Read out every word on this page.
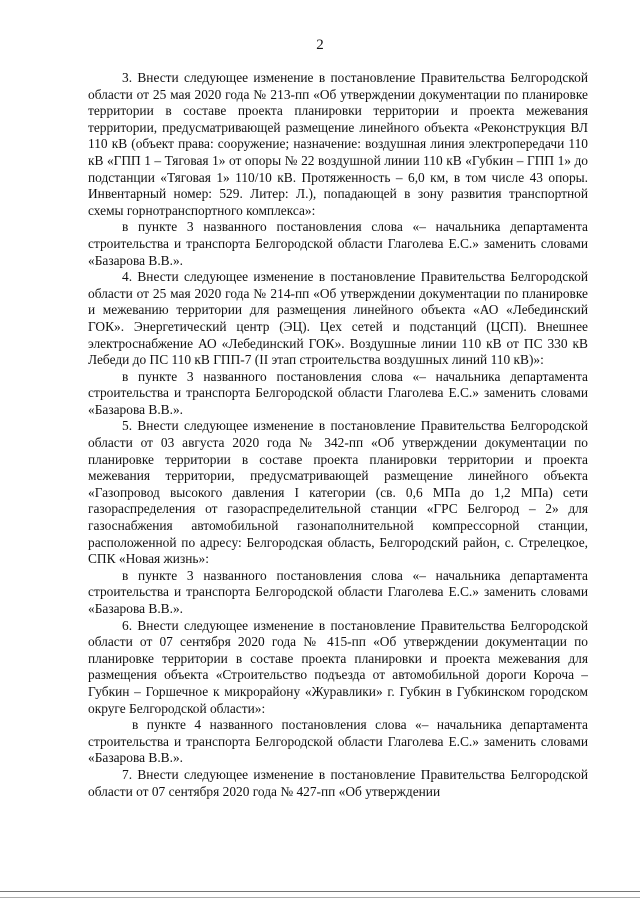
2

3. Внести следующее изменение в постановление Правительства Белгородской области от 25 мая 2020 года № 213-пп «Об утверждении документации по планировке территории в составе проекта планировки территории и проекта межевания территории, предусматривающей размещение линейного объекта «Реконструкция ВЛ 110 кВ (объект права: сооружение; назначение: воздушная линия электропередачи 110 кВ «ГПП 1 – Тяговая 1» от опоры № 22 воздушной линии 110 кВ «Губкин – ГПП 1» до подстанции «Тяговая 1» 110/10 кВ. Протяженность – 6,0 км, в том числе 43 опоры. Инвентарный номер: 529. Литер: Л.), попадающей в зону развития транспортной схемы горнотранспортного комплекса»:

в пункте 3 названного постановления слова «– начальника департамента строительства и транспорта Белгородской области Глаголева Е.С.» заменить словами «Базарова В.В.».

4. Внести следующее изменение в постановление Правительства Белгородской области от 25 мая 2020 года № 214-пп «Об утверждении документации по планировке и межеванию территории для размещения линейного объекта «АО «Лебединский ГОК». Энергетический центр (ЭЦ). Цех сетей и подстанций (ЦСП). Внешнее электроснабжение АО «Лебединский ГОК». Воздушные линии 110 кВ от ПС 330 кВ Лебеди до ПС 110 кВ ГПП-7 (II этап строительства воздушных линий 110 кВ)»:

в пункте 3 названного постановления слова «– начальника департамента строительства и транспорта Белгородской области Глаголева Е.С.» заменить словами «Базарова В.В.».

5. Внести следующее изменение в постановление Правительства Белгородской области от 03 августа 2020 года № 342-пп «Об утверждении документации по планировке территории в составе проекта планировки территории и проекта межевания территории, предусматривающей размещение линейного объекта «Газопровод высокого давления I категории (св. 0,6 МПа до 1,2 МПа) сети газораспределения от газораспределительной станции «ГРС Белгород – 2» для газоснабжения автомобильной газонаполнительной компрессорной станции, расположенной по адресу: Белгородская область, Белгородский район, с. Стрелецкое, СПК «Новая жизнь»:

в пункте 3 названного постановления слова «– начальника департамента строительства и транспорта Белгородской области Глаголева Е.С.» заменить словами «Базарова В.В.».

6. Внести следующее изменение в постановление Правительства Белгородской области от 07 сентября 2020 года № 415-пп «Об утверждении документации по планировке территории в составе проекта планировки и проекта межевания для размещения объекта «Строительство подъезда от автомобильной дороги Короча – Губкин – Горшечное к микрорайону «Журавлики» г. Губкин в Губкинском городском округе Белгородской области»:

в пункте 4 названного постановления слова «– начальника департамента строительства и транспорта Белгородской области Глаголева Е.С.» заменить словами «Базарова В.В.».

7. Внести следующее изменение в постановление Правительства Белгородской области от 07 сентября 2020 года № 427-пп «Об утверждении
